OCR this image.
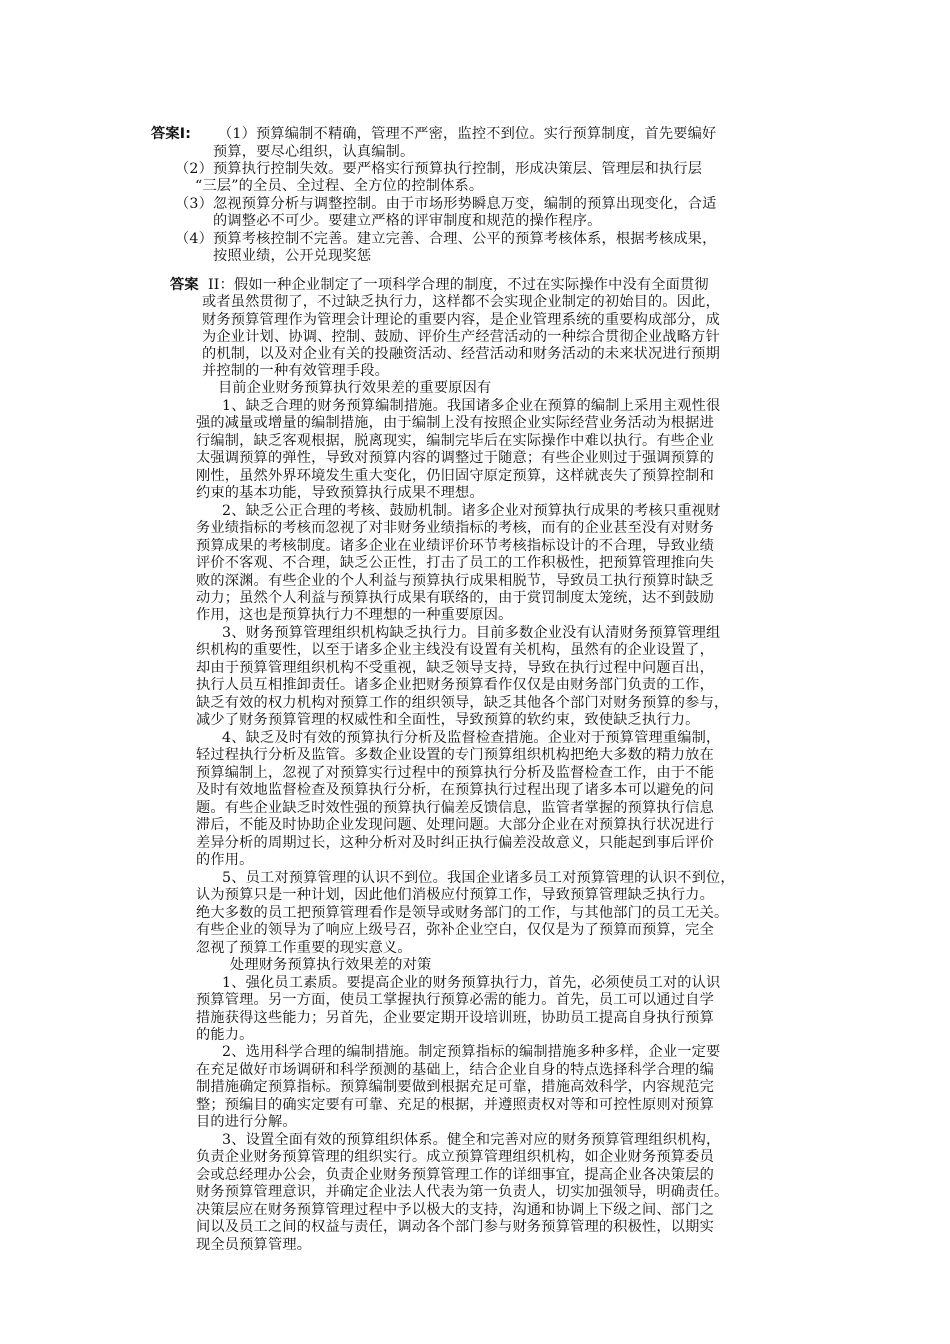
答案Ⅰ: （1）预算编制不精确，管理不严密，监控不到位。实行预算制度，首先要编好
预算，要尽心组织，认真编制。
（2）预算执行控制失效。要严格实行预算执行控制，形成决策层、管理层和执行层
“三层”的全员、全过程、全方位的控制体系。
（3）忽视预算分析与调整控制。由于市场形势瞬息万变，编制的预算出现变化，合适
的调整必不可少。要建立严格的评审制度和规范的操作程序。
（4）预算考核控制不完善。建立完善、合理、公平的预算考核体系，根据考核成果，
按照业绩，公开兑现奖惩
答案 II：假如一种企业制定了一项科学合理的制度，不过在实际操作中没有全面贯彻
或者虽然贯彻了，不过缺乏执行力，这样都不会实现企业制定的初始目的。因此，
财务预算管理作为管理会计理论的重要内容，是企业管理系统的重要构成部分，成
为企业计划、协调、控制、鼓励、评价生产经营活动的一种综合贯彻企业战略方针
的机制，以及对企业有关的投融资活动、经营活动和财务活动的未来状况进行预期
并控制的一种有效管理手段。
目前企业财务预算执行效果差的重要原因有
1、缺乏合理的财务预算编制措施。我国诸多企业在预算的编制上采用主观性很
强的减量或增量的编制措施，由于编制上没有按照企业实际经营业务活动为根据进
行编制，缺乏客观根据，脱离现实，编制完毕后在实际操作中难以执行。有些企业
太强调预算的弹性，导致对预算内容的调整过于随意；有些企业则过于强调预算的
刚性，虽然外界环境发生重大变化，仍旧固守原定预算，这样就丧失了预算控制和
约束的基本功能，导致预算执行成果不理想。
2、缺乏公正合理的考核、鼓励机制。诸多企业对预算执行成果的考核只重视财
务业绩指标的考核而忽视了对非财务业绩指标的考核，而有的企业甚至没有对财务
预算成果的考核制度。诸多企业在业绩评价环节考核指标设计的不合理，导致业绩
评价不客观、不合理，缺乏公正性，打击了员工的工作积极性，把预算管理推向失
败的深渊。有些企业的个人利益与预算执行成果相脱节，导致员工执行预算时缺乏
动力；虽然个人利益与预算执行成果有联络的，由于赏罚制度太笼统，达不到鼓励
作用，这也是预算执行力不理想的一种重要原因。
3、财务预算管理组织机构缺乏执行力。目前多数企业没有认清财务预算管理组
织机构的重要性，以至于诸多企业主线没有设置有关机构，虽然有的企业设置了，
却由于预算管理组织机构不受重视，缺乏领导支持，导致在执行过程中问题百出，
执行人员互相推卸责任。诸多企业把财务预算看作仅仅是由财务部门负责的工作，
缺乏有效的权力机构对预算工作的组织领导，缺乏其他各个部门对财务预算的参与，
减少了财务预算管理的权威性和全面性，导致预算的软约束，致使缺乏执行力。
4、缺乏及时有效的预算执行分析及监督检查措施。企业对于预算管理重编制，
轻过程执行分析及监管。多数企业设置的专门预算组织机构把绝大多数的精力放在
预算编制上，忽视了对预算实行过程中的预算执行分析及监督检查工作，由于不能
及时有效地监督检查及预算执行分析，在预算执行过程出现了诸多本可以避免的问
题。有些企业缺乏时效性强的预算执行偏差反馈信息，监管者掌握的预算执行信息
滞后，不能及时协助企业发现问题、处理问题。大部分企业在对预算执行状况进行
差异分析的周期过长，这种分析对及时纠正执行偏差没故意义，只能起到事后评价
的作用。
5、员工对预算管理的认识不到位。我国企业诸多员工对预算管理的认识不到位，
认为预算只是一种计划，因此他们消极应付预算工作，导致预算管理缺乏执行力。
绝大多数的员工把预算管理看作是领导或财务部门的工作，与其他部门的员工无关。
有些企业的领导为了响应上级号召，弥补企业空白，仅仅是为了预算而预算，完全
忽视了预算工作重要的现实意义。
处理财务预算执行效果差的对策
1、强化员工素质。要提高企业的财务预算执行力，首先，必须使员工对的认识
预算管理。另一方面，使员工掌握执行预算必需的能力。首先，员工可以通过自学
措施获得这些能力；另首先，企业要定期开设培训班，协助员工提高自身执行预算
的能力。
2、选用科学合理的编制措施。制定预算指标的编制措施多种多样，企业一定要
在充足做好市场调研和科学预测的基础上，结合企业自身的特点选择科学合理的编
制措施确定预算指标。预算编制要做到根据充足可靠，措施高效科学，内容规范完
整；预编目的确实定要有可靠、充足的根据，并遵照责权对等和可控性原则对预算
目的进行分解。
3、设置全面有效的预算组织体系。健全和完善对应的财务预算管理组织机构，
负责企业财务预算管理的组织实行。成立预算管理组织机构，如企业财务预算委员
会或总经理办公会，负责企业财务预算管理工作的详细事宜，提高企业各决策层的
财务预算管理意识，并确定企业法人代表为第一负责人，切实加强领导，明确责任。
决策层应在财务预算管理过程中予以极大的支持，沟通和协调上下级之间、部门之
间以及员工之间的权益与责任，调动各个部门参与财务预算管理的积极性，以期实
现全员预算管理。
